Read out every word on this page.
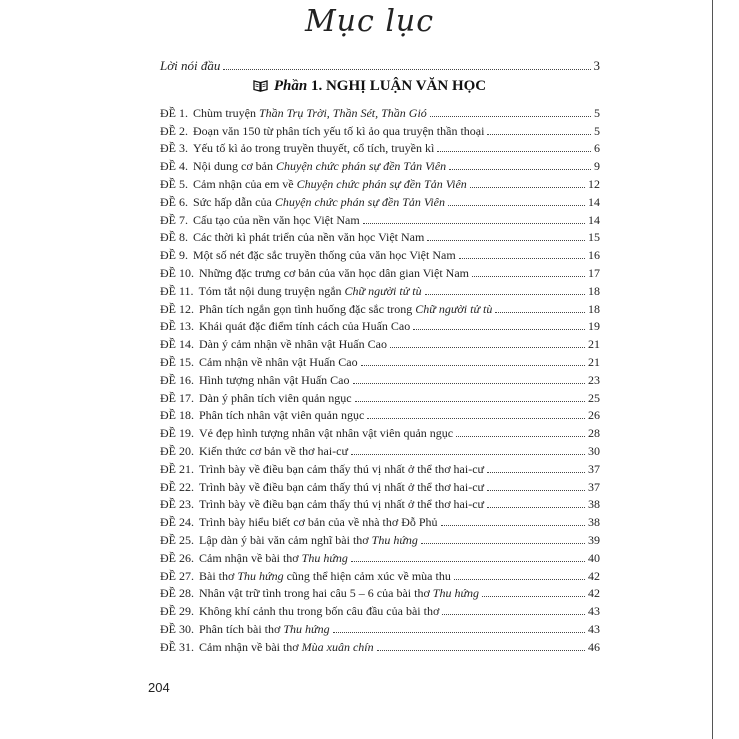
Mục lục
Lời nói đầu	3
Phần 1. NGHỊ LUẬN VĂN HỌC
ĐỀ 1. Chùm truyện Thần Trụ Trời, Thần Sét, Thần Gió	5
ĐỀ 2. Đoạn văn 150 từ phân tích yếu tố kì ảo qua truyện thần thoại	5
ĐỀ 3. Yếu tố kì ảo trong truyền thuyết, cổ tích, truyền kì	6
ĐỀ 4. Nội dung cơ bản Chuyện chức phán sự đền Tản Viên	9
ĐỀ 5. Cảm nhận của em về Chuyện chức phán sự đền Tản Viên	12
ĐỀ 6. Sức hấp dẫn của Chuyện chức phán sự đền Tản Viên	14
ĐỀ 7. Cấu tạo của nền văn học Việt Nam	14
ĐỀ 8. Các thời kì phát triển của nền văn học Việt Nam	15
ĐỀ 9. Một số nét đặc sắc truyền thống của văn học Việt Nam	16
ĐỀ 10. Những đặc trưng cơ bản của văn học dân gian Việt Nam	17
ĐỀ 11. Tóm tắt nội dung truyện ngắn Chữ người tử tù	18
ĐỀ 12. Phân tích ngắn gọn tình huống đặc sắc trong Chữ người tử tù	18
ĐỀ 13. Khái quát đặc điểm tính cách của Huấn Cao	19
ĐỀ 14. Dàn ý cảm nhận về nhân vật Huấn Cao	21
ĐỀ 15. Cảm nhận về nhân vật Huấn Cao	21
ĐỀ 16. Hình tượng nhân vật Huấn Cao	23
ĐỀ 17. Dàn ý phân tích viên quản ngục	25
ĐỀ 18. Phân tích nhân vật viên quản ngục	26
ĐỀ 19. Vẻ đẹp hình tượng nhân vật nhân vật viên quản ngục	28
ĐỀ 20. Kiến thức cơ bản về thơ hai-cư	30
ĐỀ 21. Trình bày về điều bạn cảm thấy thú vị nhất ở thể thơ hai-cư	37
ĐỀ 22. Trình bày về điều bạn cảm thấy thú vị nhất ở thể thơ hai-cư	37
ĐỀ 23. Trình bày về điều bạn cảm thấy thú vị nhất ở thể thơ hai-cư	38
ĐỀ 24. Trình bày hiểu biết cơ bản của về nhà thơ Đỗ Phủ	38
ĐỀ 25. Lập dàn ý bài văn cảm nghĩ bài thơ Thu hứng	39
ĐỀ 26. Cảm nhận về bài thơ Thu hứng	40
ĐỀ 27. Bài thơ Thu hứng cũng thể hiện cảm xúc về mùa thu	42
ĐỀ 28. Nhân vật trữ tình trong hai câu 5 – 6 của bài thơ Thu hứng	42
ĐỀ 29. Không khí cảnh thu trong bốn câu đầu của bài thơ	43
ĐỀ 30. Phân tích bài thơ Thu hứng	43
ĐỀ 31. Cảm nhận về bài thơ Mùa xuân chín	46
204
